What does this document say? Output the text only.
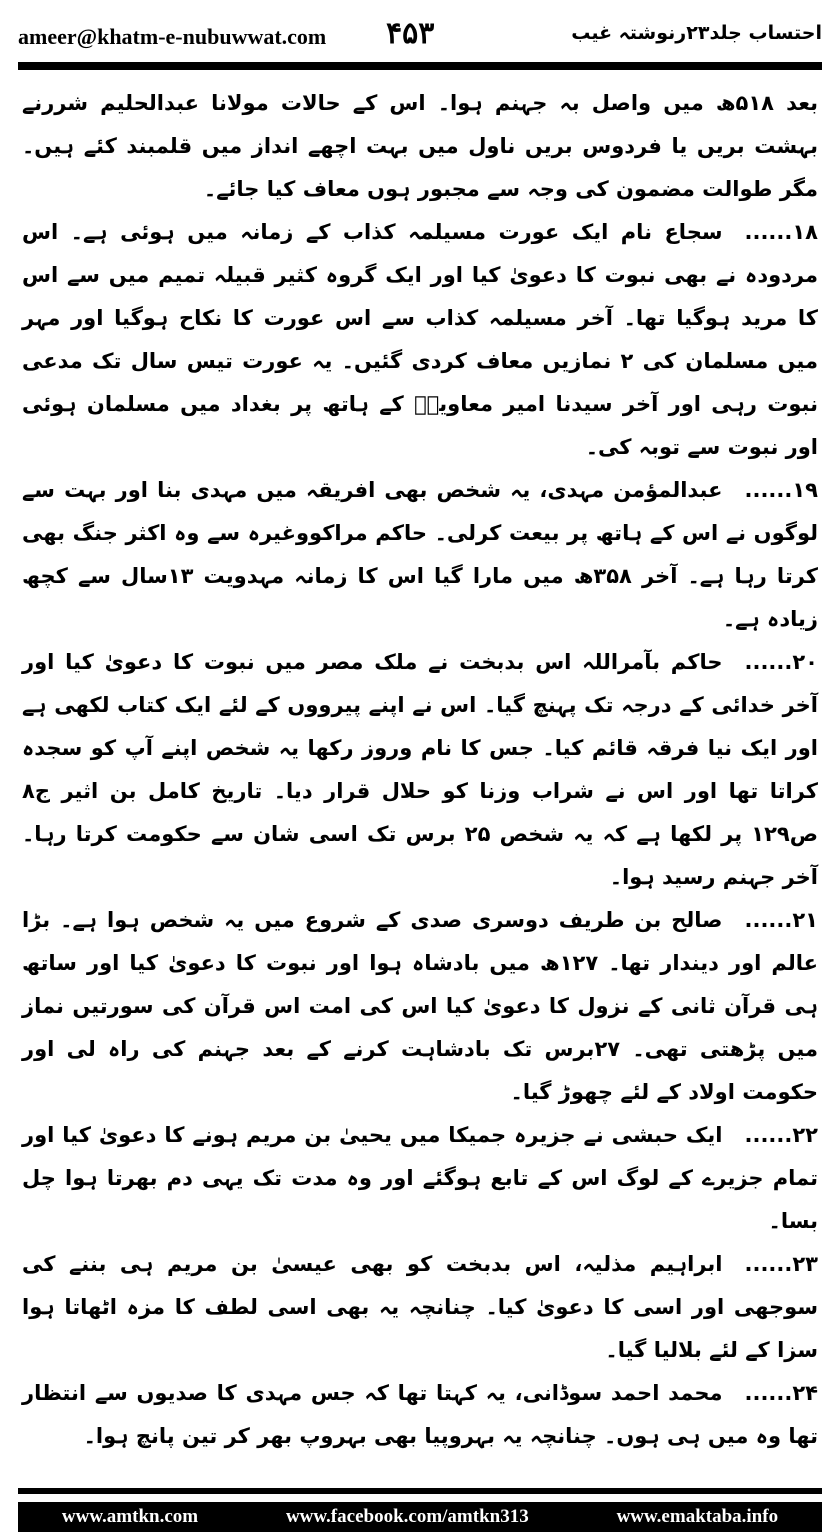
ameer@khatm-e-nubuwwat.com ۴۵۳	احتساب جلد۲۳رنوشتہ غیب

بعد ۵۱۸ھ میں واصل بہ جہنم ہوا۔ اس کے حالات مولانا عبدالحلیم شررنے بہشت بریں یا فردوس بریں ناول میں بہت اچھے انداز میں قلمبند کئے ہیں۔ مگر طوالت مضمون کی وجہ سے مجبور ہوں معاف کیا جائے۔

۱۸......سجاع نام ایک عورت مسیلمہ کذاب کے زمانہ میں ہوئی ہے۔ اس مردودہ نے بھی نبوت کا دعویٰ کیا اور ایک گروہ کثیر قبیلہ تمیم میں سے اس کا مرید ہوگیا تھا۔ آخر مسیلمہ کذاب سے اس عورت کا نکاح ہوگیا اور مہر میں مسلمان کی ۲ نمازیں معاف کردی گئیں۔ یہ عورت تیس سال تک مدعی نبوت رہی اور آخر سیدنا امیر معاویہؓ کے ہاتھ پر بغداد میں مسلمان ہوئی اور نبوت سے توبہ کی۔

۱۹......عبدالمؤمن مہدی، یہ شخص بھی افریقہ میں مہدی بنا اور بہت سے لوگوں نے اس کے ہاتھ پر بیعت کرلی۔ حاکم مراکووغیرہ سے وہ اکثر جنگ بھی کرتا رہا ہے۔ آخر ۳۵۸ھ میں مارا گیا اس کا زمانہ مہدویت ۱۳سال سے کچھ زیادہ ہے۔

۲۰......حاکم بآمراللہ اس بدبخت نے ملک مصر میں نبوت کا دعویٰ کیا اور آخر خدائی کے درجہ تک پہنچ گیا۔ اس نے اپنے پیرووں کے لئے ایک کتاب لکھی ہے اور ایک نیا فرقہ قائم کیا۔ جس کا نام وروز رکھا یہ شخص اپنے آپ کو سجدہ کراتا تھا اور اس نے شراب وزنا کو حلال قرار دیا۔ تاریخ کامل بن اثیر ج۸ ص۱۲۹ پر لکھا ہے کہ یہ شخص ۲۵ برس تک اسی شان سے حکومت کرتا رہا۔ آخر جہنم رسید ہوا۔

۲۱......صالح بن طریف دوسری صدی کے شروع میں یہ شخص ہوا ہے۔ بڑا عالم اور دیندار تھا۔ ۱۲۷ھ میں بادشاہ ہوا اور نبوت کا دعویٰ کیا اور ساتھ ہی قرآن ثانی کے نزول کا دعویٰ کیا اس کی امت اس قرآن کی سورتیں نماز میں پڑھتی تھی۔ ۲۷برس تک بادشاہت کرنے کے بعد جہنم کی راہ لی اور حکومت اولاد کے لئے چھوڑ گیا۔

۲۲......ایک حبشی نے جزیرہ جمیکا میں یحییٰ بن مریم ہونے کا دعویٰ کیا اور تمام جزیرے کے لوگ اس کے تابع ہوگئے اور وہ مدت تک یہی دم بھرتا ہوا چل بسا۔

۲۳......ابراہیم مذلیہ، اس بدبخت کو بھی عیسیٰ بن مریم ہی بننے کی سوجھی اور اسی کا دعویٰ کیا۔ چنانچہ یہ بھی اسی لطف کا مزہ اٹھاتا ہوا سزا کے لئے بلالیا گیا۔

۲۴......محمد احمد سوڈانی، یہ کہتا تھا کہ جس مہدی کا صدیوں سے انتظار تھا وہ میں ہی ہوں۔ چنانچہ یہ بہروپیا بھی بہروپ بھر کر تین پانچ ہوا۔

www.amtkn.com	www.facebook.com/amtkn313	www.emaktaba.info
